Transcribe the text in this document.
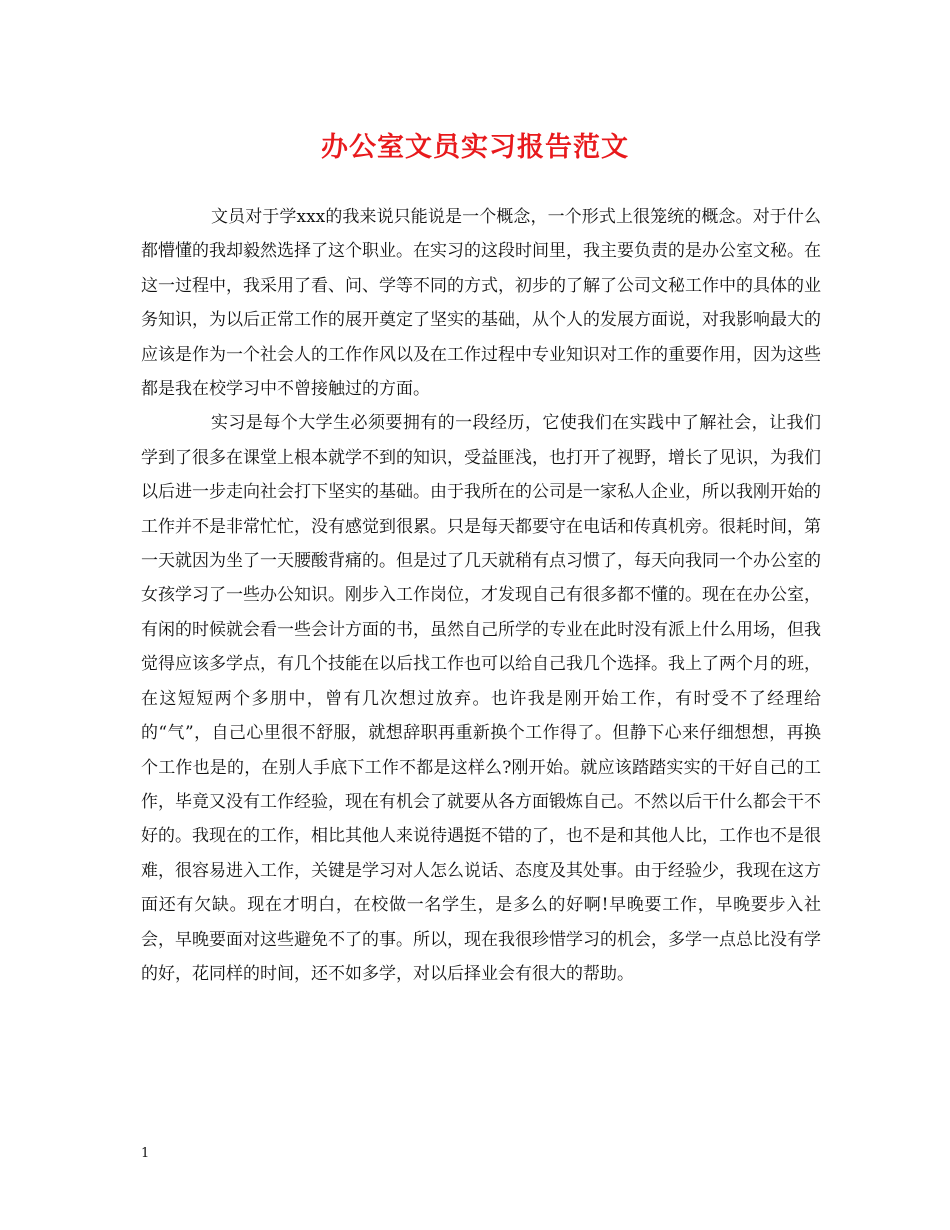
办公室文员实习报告范文

文员对于学xxx的我来说只能说是一个概念，一个形式上很笼统的概念。对于什么都懵懂的我却毅然选择了这个职业。在实习的这段时间里，我主要负责的是办公室文秘。在这一过程中，我采用了看、问、学等不同的方式，初步的了解了公司文秘工作中的具体的业务知识，为以后正常工作的展开奠定了坚实的基础，从个人的发展方面说，对我影响最大的应该是作为一个社会人的工作作风以及在工作过程中专业知识对工作的重要作用，因为这些都是我在校学习中不曾接触过的方面。

实习是每个大学生必须要拥有的一段经历，它使我们在实践中了解社会，让我们学到了很多在课堂上根本就学不到的知识，受益匪浅，也打开了视野，增长了见识，为我们以后进一步走向社会打下坚实的基础。由于我所在的公司是一家私人企业，所以我刚开始的工作并不是非常忙忙，没有感觉到很累。只是每天都要守在电话和传真机旁。很耗时间，第一天就因为坐了一天腰酸背痛的。但是过了几天就稍有点习惯了，每天向我同一个办公室的女孩学习了一些办公知识。刚步入工作岗位，才发现自己有很多都不懂的。现在在办公室，有闲的时候就会看一些会计方面的书，虽然自己所学的专业在此时没有派上什么用场，但我觉得应该多学点，有几个技能在以后找工作也可以给自己我几个选择。我上了两个月的班，在这短短两个多朋中，曾有几次想过放弃。也许我是刚开始工作，有时受不了经理给的“气”，自己心里很不舒服，就想辞职再重新换个工作得了。但静下心来仔细想想，再换个工作也是的，在别人手底下工作不都是这样么?刚开始。就应该踏踏实实的干好自己的工作，毕竟又没有工作经验，现在有机会了就要从各方面锻炼自己。不然以后干什么都会干不好的。我现在的工作，相比其他人来说待遇挺不错的了，也不是和其他人比，工作也不是很难，很容易进入工作，关键是学习对人怎么说话、态度及其处事。由于经验少，我现在这方面还有欠缺。现在才明白，在校做一名学生，是多么的好啊!早晚要工作，早晚要步入社会，早晚要面对这些避免不了的事。所以，现在我很珍惜学习的机会，多学一点总比没有学的好，花同样的时间，还不如多学，对以后择业会有很大的帮助。

1
